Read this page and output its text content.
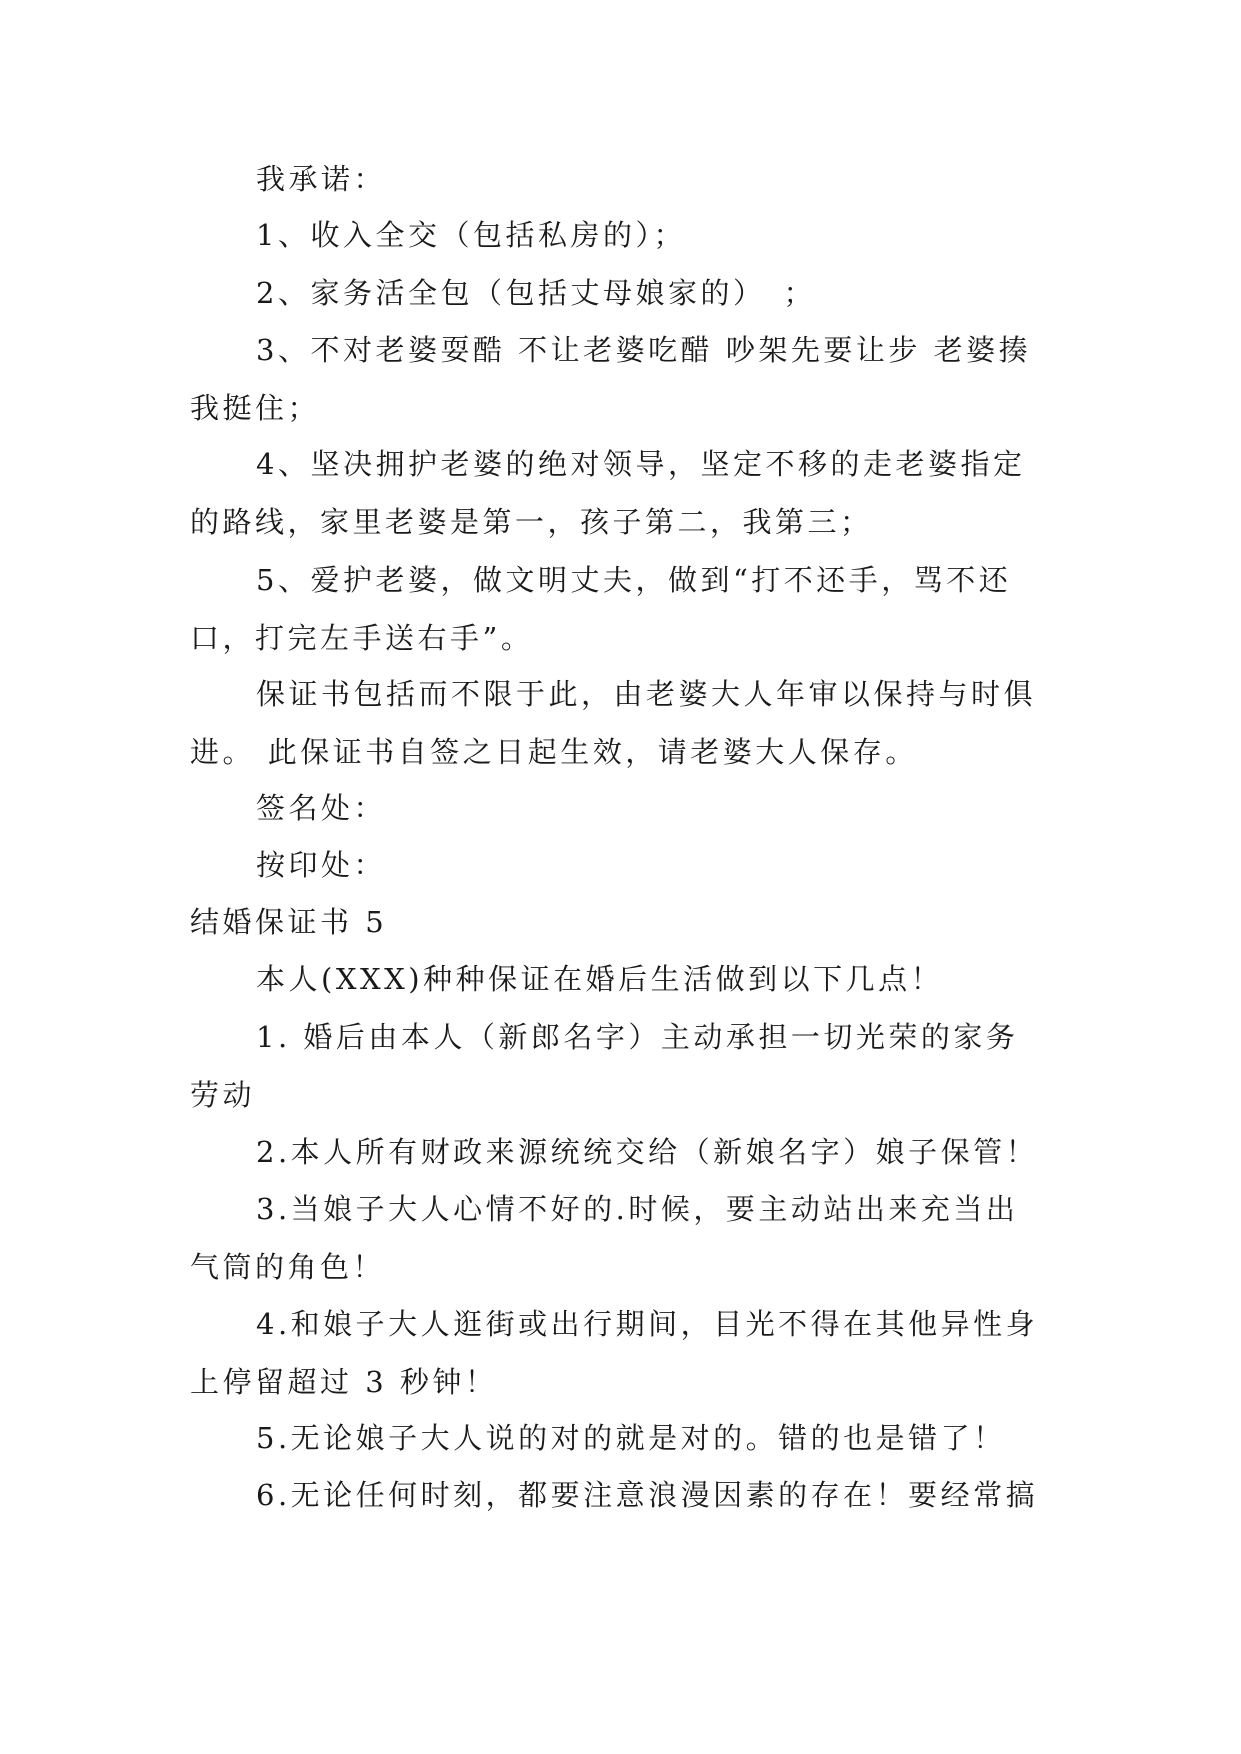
我承诺：

1、收入全交（包括私房的）；

2、家务活全包（包括丈母娘家的）　；

3、不对老婆耍酷 不让老婆吃醋 吵架先要让步 老婆揍我挺住；

4、坚决拥护老婆的绝对领导，坚定不移的走老婆指定的路线，家里老婆是第一，孩子第二，我第三；

5、爱护老婆，做文明丈夫，做到“打不还手，骂不还口，打完左手送右手”。

保证书包括而不限于此，由老婆大人年审以保持与时俱进。 此保证书自签之日起生效，请老婆大人保存。

签名处：

按印处：

结婚保证书 5

本人(XXX)种种保证在婚后生活做到以下几点！

1. 婚后由本人（新郎名字）主动承担一切光荣的家务劳动

2.本人所有财政来源统统交给（新娘名字）娘子保管！

3.当娘子大人心情不好的.时候，要主动站出来充当出气筒的角色！

4.和娘子大人逛街或出行期间，目光不得在其他异性身上停留超过 3 秒钟！

5.无论娘子大人说的对的就是对的。错的也是错了！

6.无论任何时刻，都要注意浪漫因素的存在！要经常搞
